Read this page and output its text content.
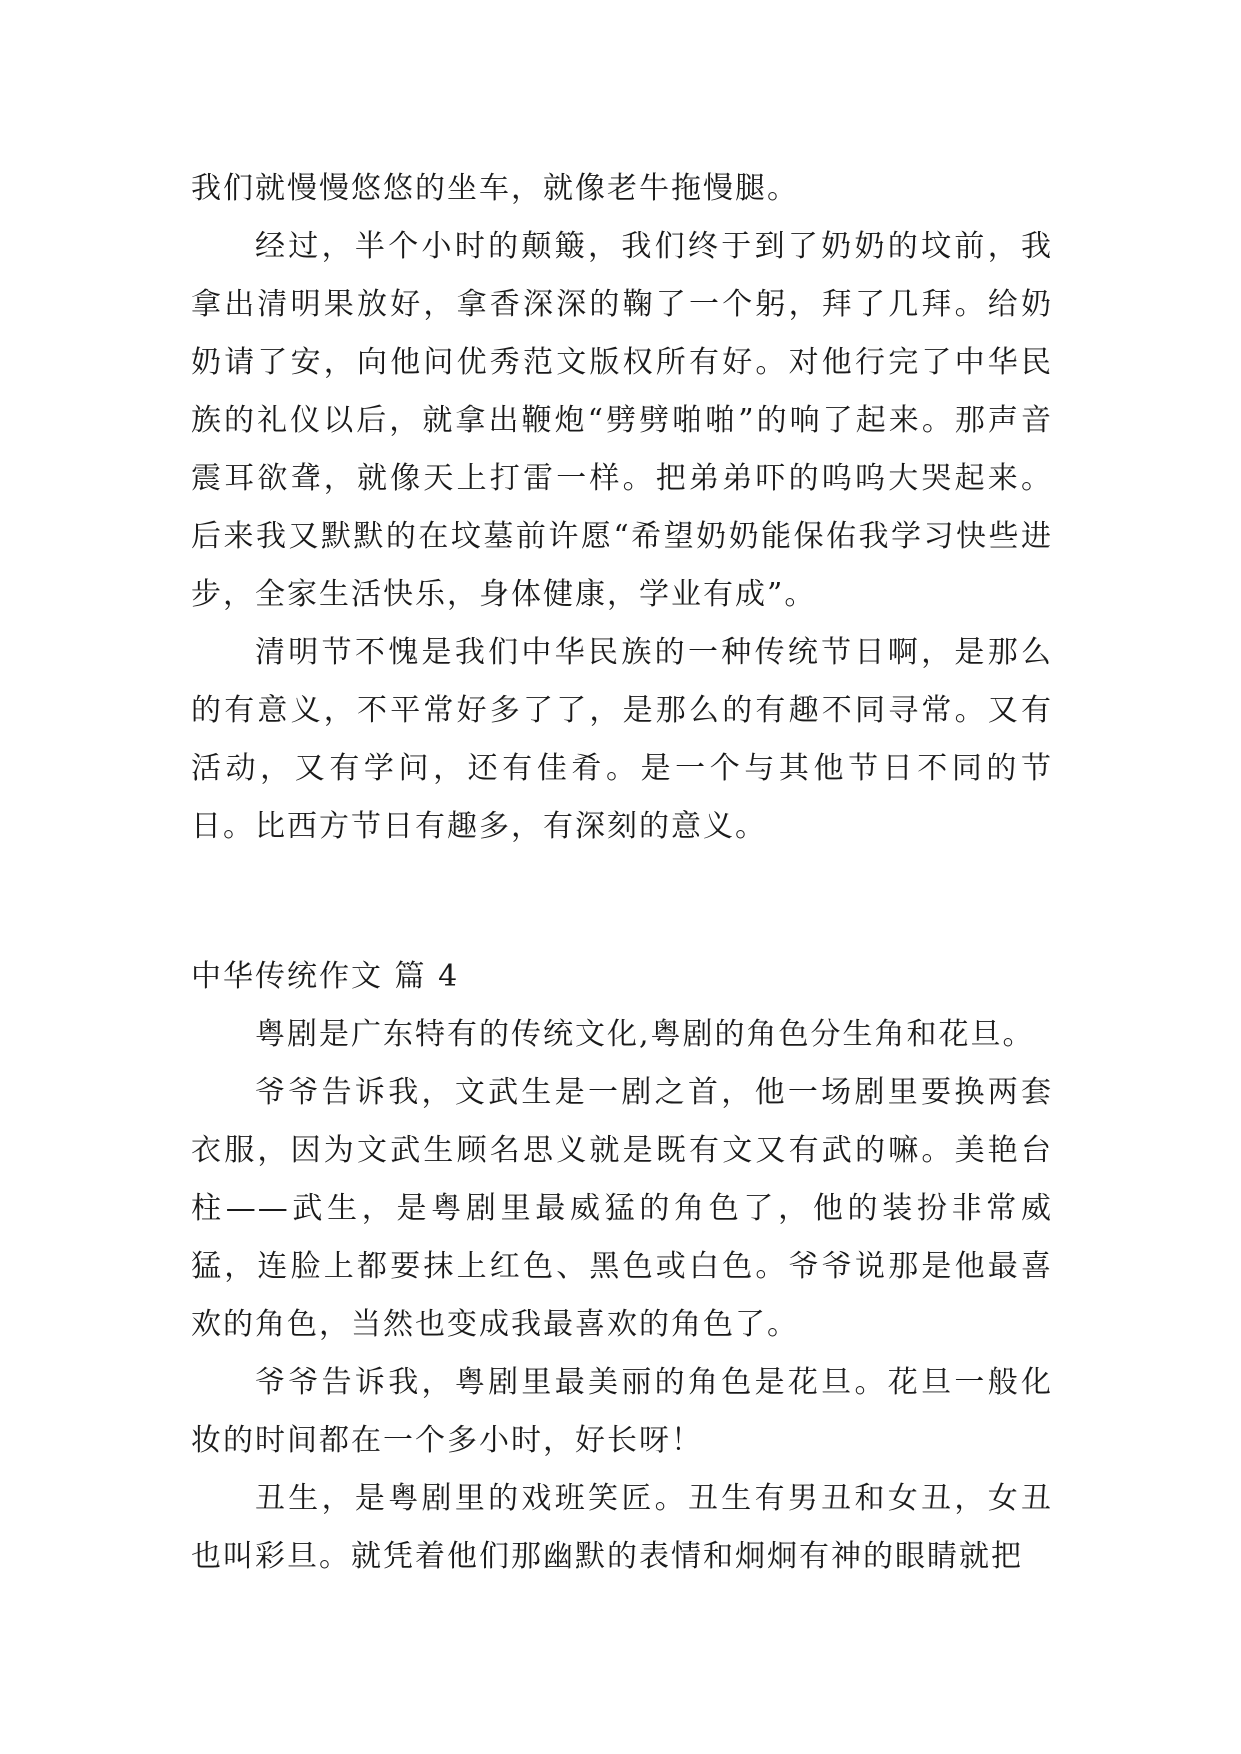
我们就慢慢悠悠的坐车，就像老牛拖慢腿。

经过，半个小时的颠簸，我们终于到了奶奶的坟前，我拿出清明果放好，拿香深深的鞠了一个躬，拜了几拜。给奶奶请了安，向他问优秀范文版权所有好。对他行完了中华民族的礼仪以后，就拿出鞭炮“劈劈啪啪”的响了起来。那声音震耳欲聋，就像天上打雷一样。把弟弟吓的呜呜大哭起来。后来我又默默的在坟墓前许愿“希望奶奶能保佑我学习快些进步，全家生活快乐，身体健康，学业有成”。

清明节不愧是我们中华民族的一种传统节日啊，是那么的有意义，不平常好多了了，是那么的有趣不同寻常。又有活动，又有学问，还有佳肴。是一个与其他节日不同的节日。比西方节日有趣多，有深刻的意义。

中华传统作文 篇 4

粤剧是广东特有的传统文化,粤剧的角色分生角和花旦。

爷爷告诉我，文武生是一剧之首，他一场剧里要换两套衣服，因为文武生顾名思义就是既有文又有武的嘛。美艳台柱——武生，是粤剧里最威猛的角色了，他的装扮非常威猛，连脸上都要抹上红色、黑色或白色。爷爷说那是他最喜欢的角色，当然也变成我最喜欢的角色了。

爷爷告诉我，粤剧里最美丽的角色是花旦。花旦一般化妆的时间都在一个多小时，好长呀！

丑生，是粤剧里的戏班笑匠。丑生有男丑和女丑，女丑也叫彩旦。就凭着他们那幽默的表情和炯炯有神的眼睛就把
